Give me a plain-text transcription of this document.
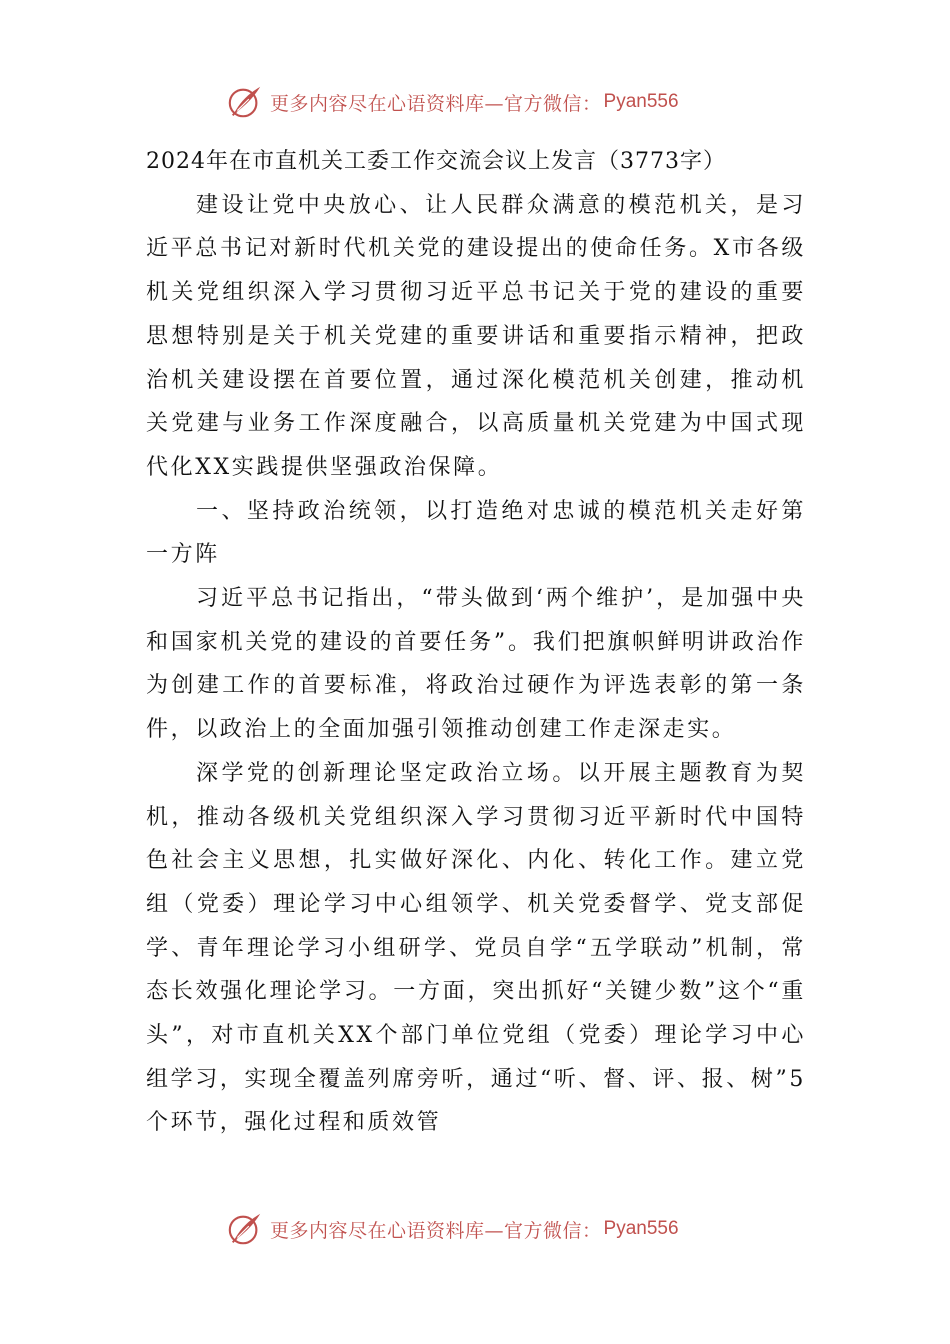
更多内容尽在心语资料库—官方微信： Pyan556

2024年在市直机关工委工作交流会议上发言（3773字）

建设让党中央放心、让人民群众满意的模范机关，是习近平总书记对新时代机关党的建设提出的使命任务。X市各级机关党组织深入学习贯彻习近平总书记关于党的建设的重要思想特别是关于机关党建的重要讲话和重要指示精神，把政治机关建设摆在首要位置，通过深化模范机关创建，推动机关党建与业务工作深度融合，以高质量机关党建为中国式现代化XX实践提供坚强政治保障。

一、坚持政治统领，以打造绝对忠诚的模范机关走好第一方阵

习近平总书记指出，“带头做到‘两个维护’，是加强中央和国家机关党的建设的首要任务”。我们把旗帜鲜明讲政治作为创建工作的首要标准，将政治过硬作为评选表彰的第一条件，以政治上的全面加强引领推动创建工作走深走实。

深学党的创新理论坚定政治立场。以开展主题教育为契机，推动各级机关党组织深入学习贯彻习近平新时代中国特色社会主义思想，扎实做好深化、内化、转化工作。建立党组（党委）理论学习中心组领学、机关党委督学、党支部促学、青年理论学习小组研学、党员自学“五学联动”机制，常态长效强化理论学习。一方面，突出抓好“关键少数”这个“重头”，对市直机关XX个部门单位党组（党委）理论学习中心组学习，实现全覆盖列席旁听，通过“听、督、评、报、树”5个环节，强化过程和质效管

更多内容尽在心语资料库—官方微信： Pyan556
